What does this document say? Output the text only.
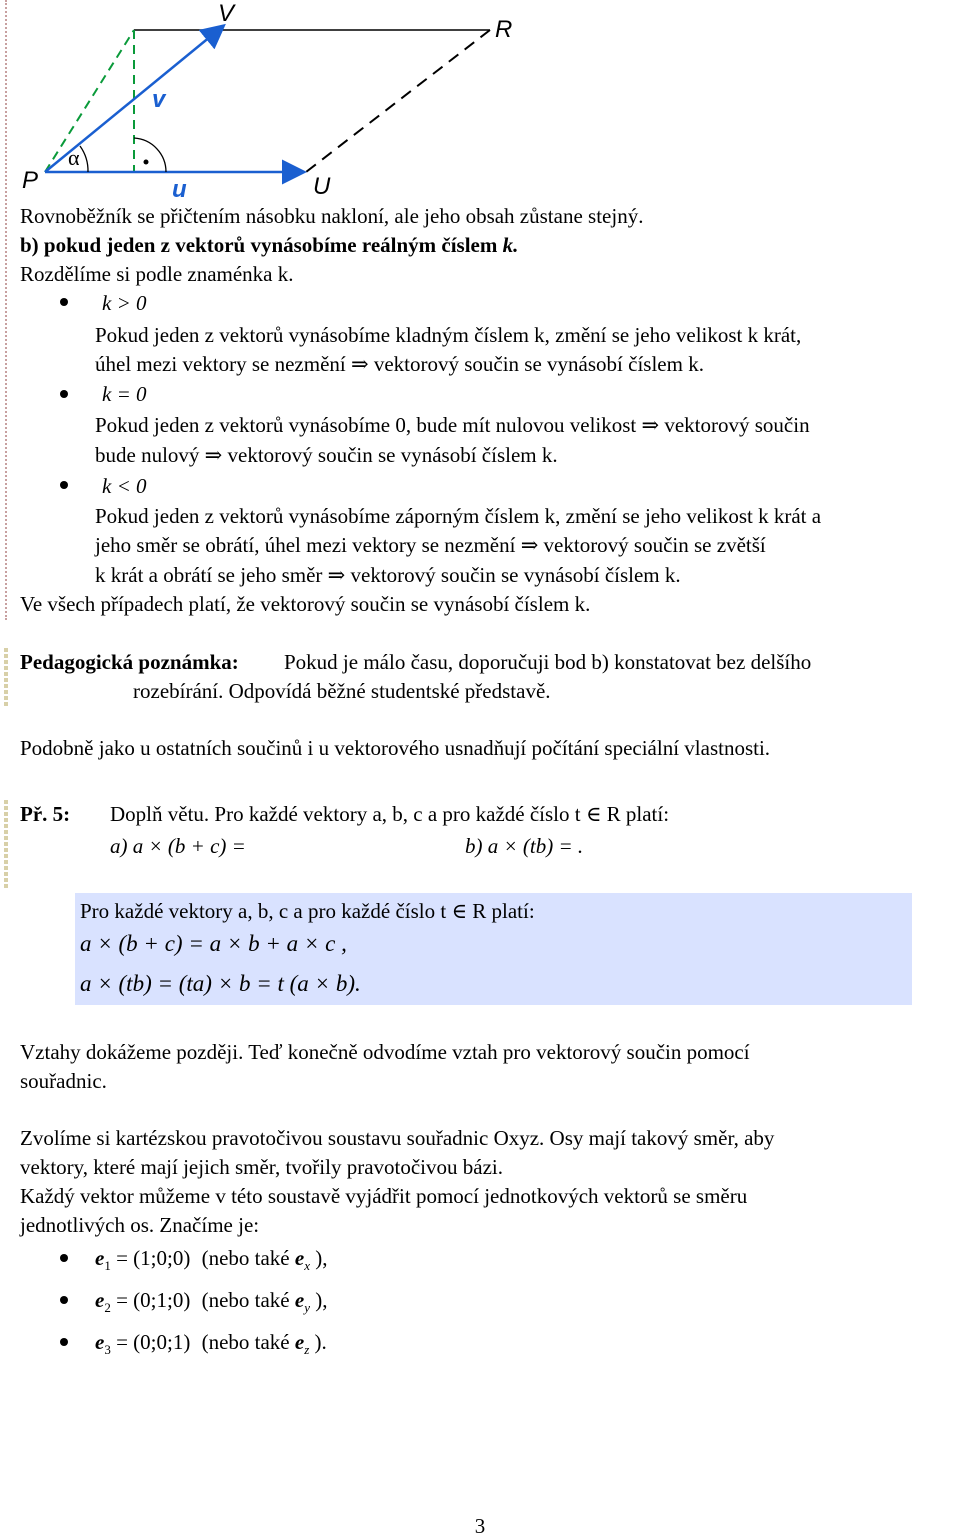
P	U
V
R
v
u
α
Rovnoběžník se přičtením násobku nakloní, ale jeho obsah zůstane stejný.
b) pokud jeden z vektorů vynásobíme reálným číslem k.
Rozdělíme si podle znaménka k.
k > 0
Pokud jeden z vektorů vynásobíme kladným číslem k, změní se jeho velikost k krát,
úhel mezi vektory se nezmění ⇒ vektorový součin se vynásobí číslem k.
k = 0
Pokud jeden z vektorů vynásobíme 0, bude mít nulovou velikost ⇒ vektorový součin
bude nulový ⇒ vektorový součin se vynásobí číslem k.
k < 0
Pokud jeden z vektorů vynásobíme záporným číslem k, změní se jeho velikost k krát a
jeho směr se obrátí, úhel mezi vektory se nezmění ⇒ vektorový součin se zvětší
k krát a obrátí se jeho směr ⇒ vektorový součin se vynásobí číslem k.
Ve všech případech platí, že vektorový součin se vynásobí číslem k.
Pedagogická poznámka: Pokud je málo času, doporučuji bod b) konstatovat bez delšího
rozebírání. Odpovídá běžné studentské představě.
Podobně jako u ostatních součinů i u vektorového usnadňují počítání speciální vlastnosti.
Př. 5: Doplň větu. Pro každé vektory a, b, c a pro každé číslo t ∈ R platí:
a) a × (b + c) =	b) a × (tb) = .
Pro každé vektory a, b, c a pro každé číslo t ∈ R platí:
a × (b + c) = a × b + a × c ,
a × (tb) = (ta) × b = t (a × b).
Vztahy dokážeme později. Teď konečně odvodíme vztah pro vektorový součin pomocí
souřadnic.
Zvolíme si kartézskou pravotočivou soustavu souřadnic Oxyz. Osy mají takový směr, aby
vektory, které mají jejich směr, tvořily pravotočivou bázi.
Každý vektor můžeme v této soustavě vyjádřit pomocí jednotkových vektorů se směru
jednotlivých os. Značíme je:
$e_1$ = (1;0;0) (nebo také $e_x$ ),
$e_2$ = (0;1;0) (nebo také $e_y$ ),
$e_3$ = (0;0;1) (nebo také $e_z$ ).
3
